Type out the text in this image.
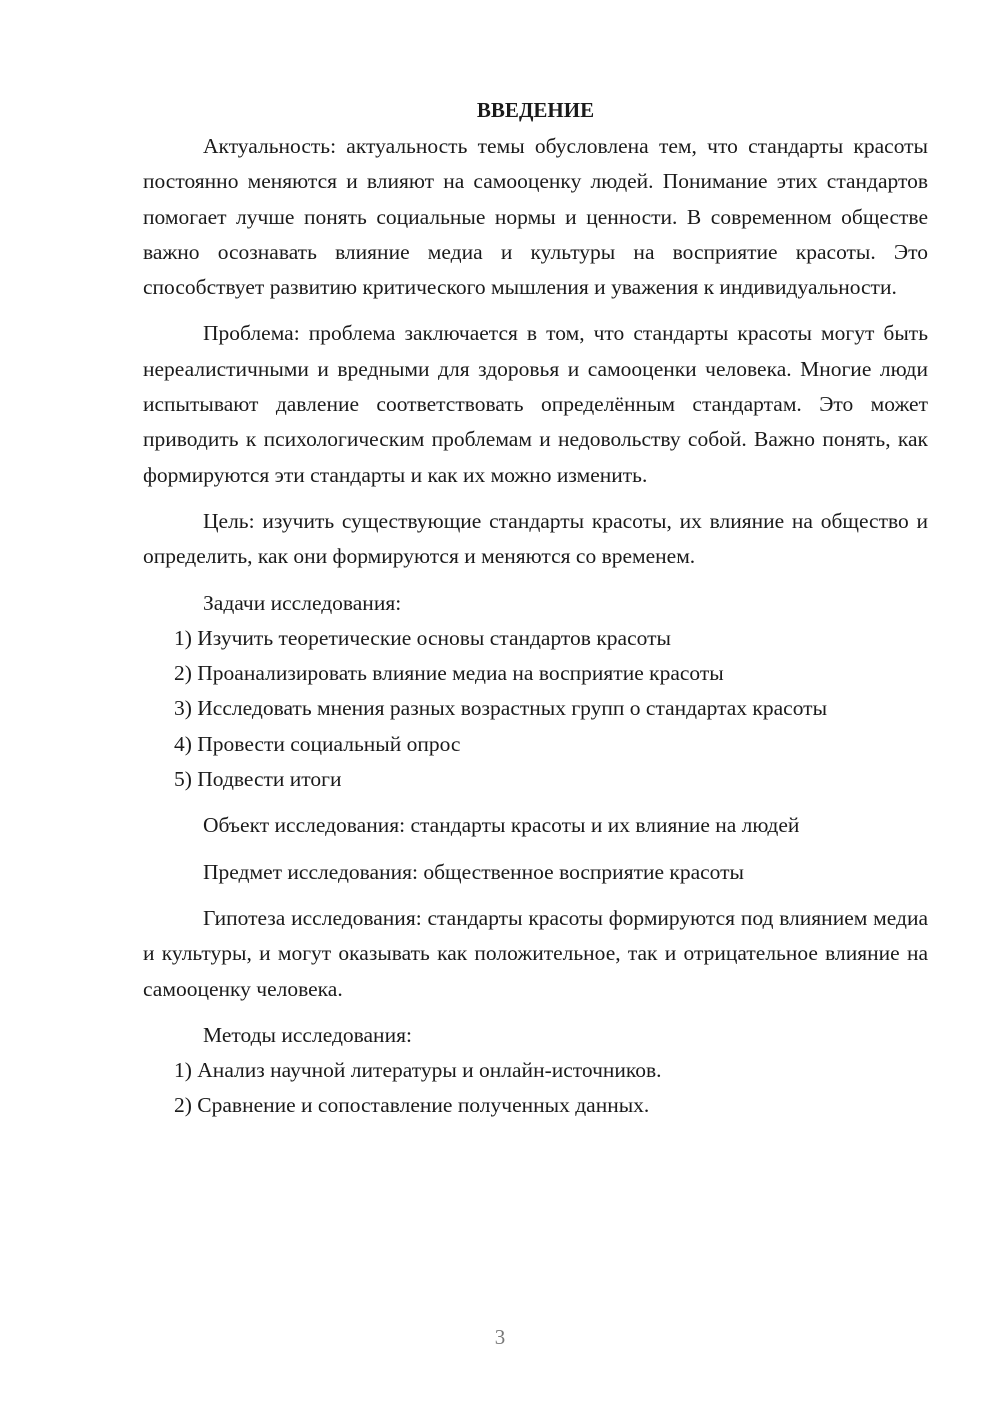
ВВЕДЕНИЕ

Актуальность: актуальность темы обусловлена тем, что стандарты красоты постоянно меняются и влияют на самооценку людей. Понимание этих стандартов помогает лучше понять социальные нормы и ценности. В современном обществе важно осознавать влияние медиа и культуры на восприятие красоты. Это способствует развитию критического мышления и уважения к индивидуальности.

Проблема: проблема заключается в том, что стандарты красоты могут быть нереалистичными и вредными для здоровья и самооценки человека. Многие люди испытывают давление соответствовать определённым стандартам. Это может приводить к психологическим проблемам и недовольству собой. Важно понять, как формируются эти стандарты и как их можно изменить.

Цель: изучить существующие стандарты красоты, их влияние на общество и определить, как они формируются и меняются со временем.

Задачи исследования:

1) Изучить теоретические основы стандартов красоты

2) Проанализировать влияние медиа на восприятие красоты

3) Исследовать мнения разных возрастных групп о стандартах красоты

4) Провести социальный опрос

5) Подвести итоги

Объект исследования: стандарты красоты и их влияние на людей

Предмет исследования: общественное восприятие красоты

Гипотеза исследования: стандарты красоты формируются под влиянием медиа и культуры, и могут оказывать как положительное, так и отрицательное влияние на самооценку человека.

Методы исследования:

1) Анализ научной литературы и онлайн-источников.

2) Сравнение и сопоставление полученных данных.

3
